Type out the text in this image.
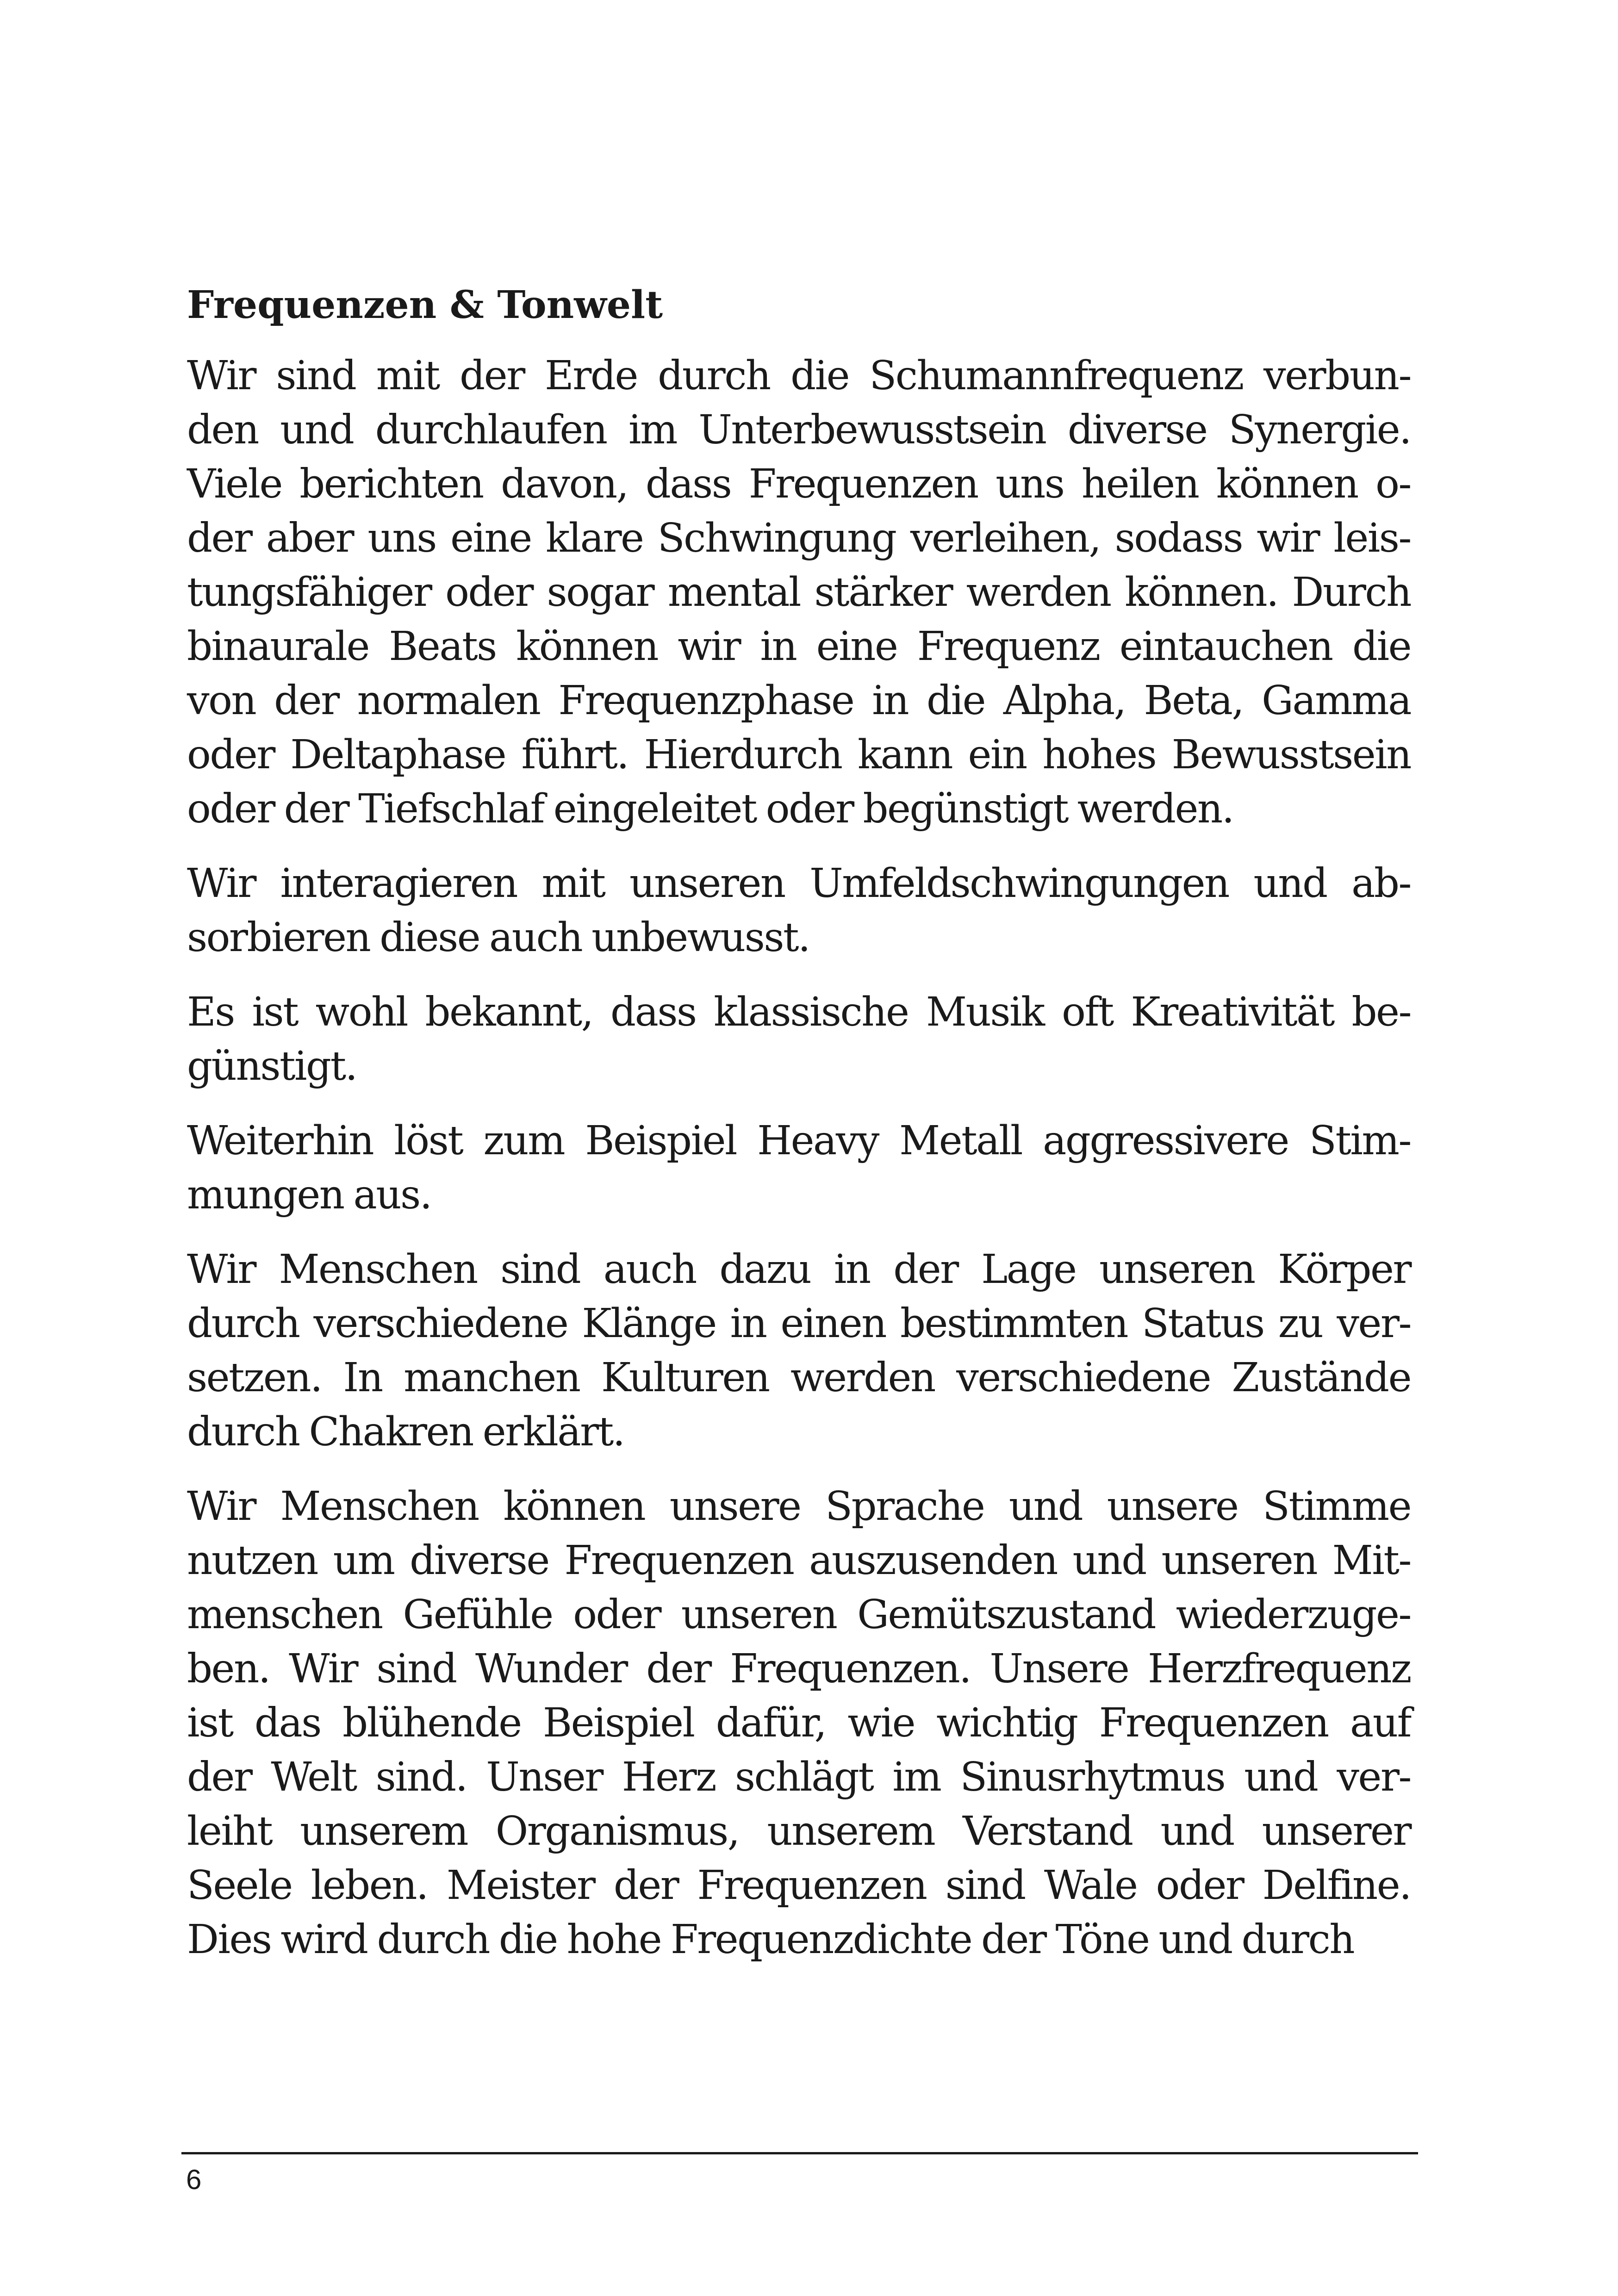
Frequenzen & Tonwelt

Wir sind mit der Erde durch die Schumannfrequenz verbun-
den und durchlaufen im Unterbewusstsein diverse Synergie.
Viele berichten davon, dass Frequenzen uns heilen können o-
der aber uns eine klare Schwingung verleihen, sodass wir leis-
tungsfähiger oder sogar mental stärker werden können. Durch
binaurale Beats können wir in eine Frequenz eintauchen die
von der normalen Frequenzphase in die Alpha, Beta, Gamma
oder Deltaphase führt. Hierdurch kann ein hohes Bewusstsein
oder der Tiefschlaf eingeleitet oder begünstigt werden.

Wir interagieren mit unseren Umfeldschwingungen und ab-
sorbieren diese auch unbewusst.

Es ist wohl bekannt, dass klassische Musik oft Kreativität be-
günstigt.

Weiterhin löst zum Beispiel Heavy Metall aggressivere Stim-
mungen aus.

Wir Menschen sind auch dazu in der Lage unseren Körper
durch verschiedene Klänge in einen bestimmten Status zu ver-
setzen. In manchen Kulturen werden verschiedene Zustände
durch Chakren erklärt.

Wir Menschen können unsere Sprache und unsere Stimme
nutzen um diverse Frequenzen auszusenden und unseren Mit-
menschen Gefühle oder unseren Gemütszustand wiederzuge-
ben. Wir sind Wunder der Frequenzen. Unsere Herzfrequenz
ist das blühende Beispiel dafür, wie wichtig Frequenzen auf
der Welt sind. Unser Herz schlägt im Sinusrhytmus und ver-
leiht unserem Organismus, unserem Verstand und unserer
Seele leben. Meister der Frequenzen sind Wale oder Delfine.
Dies wird durch die hohe Frequenzdichte der Töne und durch

6
